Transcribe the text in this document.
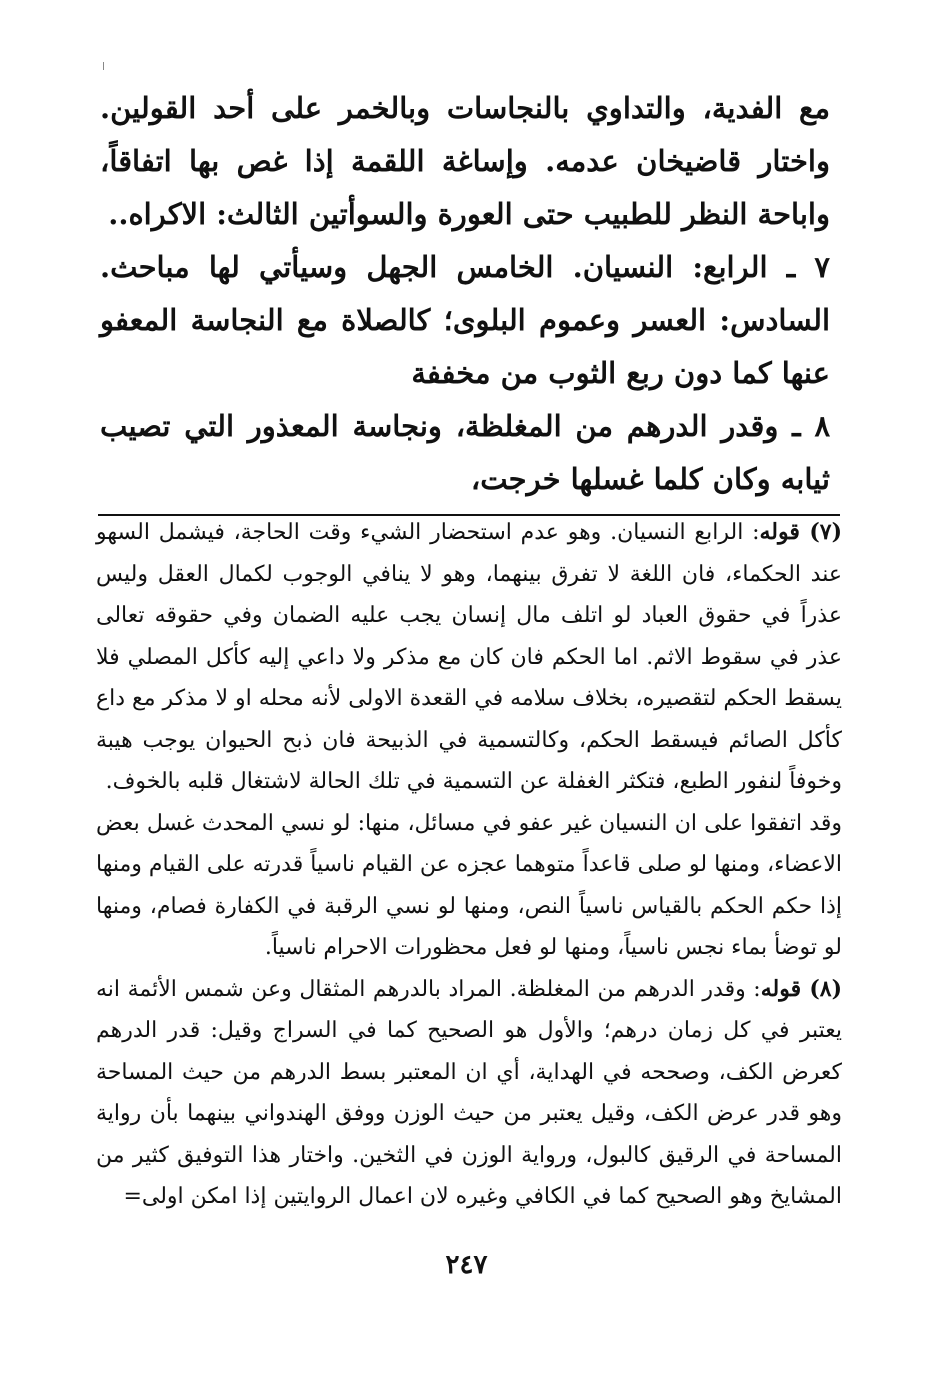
مع الفدية، والتداوي بالنجاسات وبالخمر على أحد القولين. واختار قاضيخان عدمه. وإساغة اللقمة إذا غص بها اتفاقاً، واباحة النظر للطبيب حتى العورة والسوأتين الثالث: الاكراه..

٧ ـ الرابع: النسيان. الخامس الجهل وسيأتي لها مباحث. السادس: العسر وعموم البلوى؛ كالصلاة مع النجاسة المعفو عنها كما دون ربع الثوب من مخففة

٨ ـ وقدر الدرهم من المغلظة، ونجاسة المعذور التي تصيب ثيابه وكان كلما غسلها خرجت،

(٧) قوله: الرابع النسيان. وهو عدم استحضار الشيء وقت الحاجة، فيشمل السهو عند الحكماء، فان اللغة لا تفرق بينهما، وهو لا ينافي الوجوب لكمال العقل وليس عذراً في حقوق العباد لو اتلف مال إنسان يجب عليه الضمان وفي حقوقه تعالى عذر في سقوط الاثم. اما الحكم فان كان مع مذكر ولا داعي إليه كأكل المصلي فلا يسقط الحكم لتقصيره، بخلاف سلامه في القعدة الاولى لأنه محله او لا مذكر مع داع كأكل الصائم فيسقط الحكم، وكالتسمية في الذبيحة فان ذبح الحيوان يوجب هيبة وخوفاً لنفور الطبع، فتكثر الغفلة عن التسمية في تلك الحالة لاشتغال قلبه بالخوف.

وقد اتفقوا على ان النسيان غير عفو في مسائل، منها: لو نسي المحدث غسل بعض الاعضاء، ومنها لو صلى قاعداً متوهما عجزه عن القيام ناسياً قدرته على القيام ومنها إذا حكم الحكم بالقياس ناسياً النص، ومنها لو نسي الرقبة في الكفارة فصام، ومنها لو توضأ بماء نجس ناسياً، ومنها لو فعل محظورات الاحرام ناسياً.

(٨) قوله: وقدر الدرهم من المغلظة. المراد بالدرهم المثقال وعن شمس الأئمة انه يعتبر في كل زمان درهم؛ والأول هو الصحيح كما في السراج وقيل: قدر الدرهم كعرض الكف، وصححه في الهداية، أي ان المعتبر بسط الدرهم من حيث المساحة وهو قدر عرض الكف، وقيل يعتبر من حيث الوزن ووفق الهندواني بينهما بأن رواية المساحة في الرقيق كالبول، ورواية الوزن في الثخين. واختار هذا التوفيق كثير من المشايخ وهو الصحيح كما في الكافي وغيره لان اعمال الروايتين إذا امكن اولى=

٢٤٧
